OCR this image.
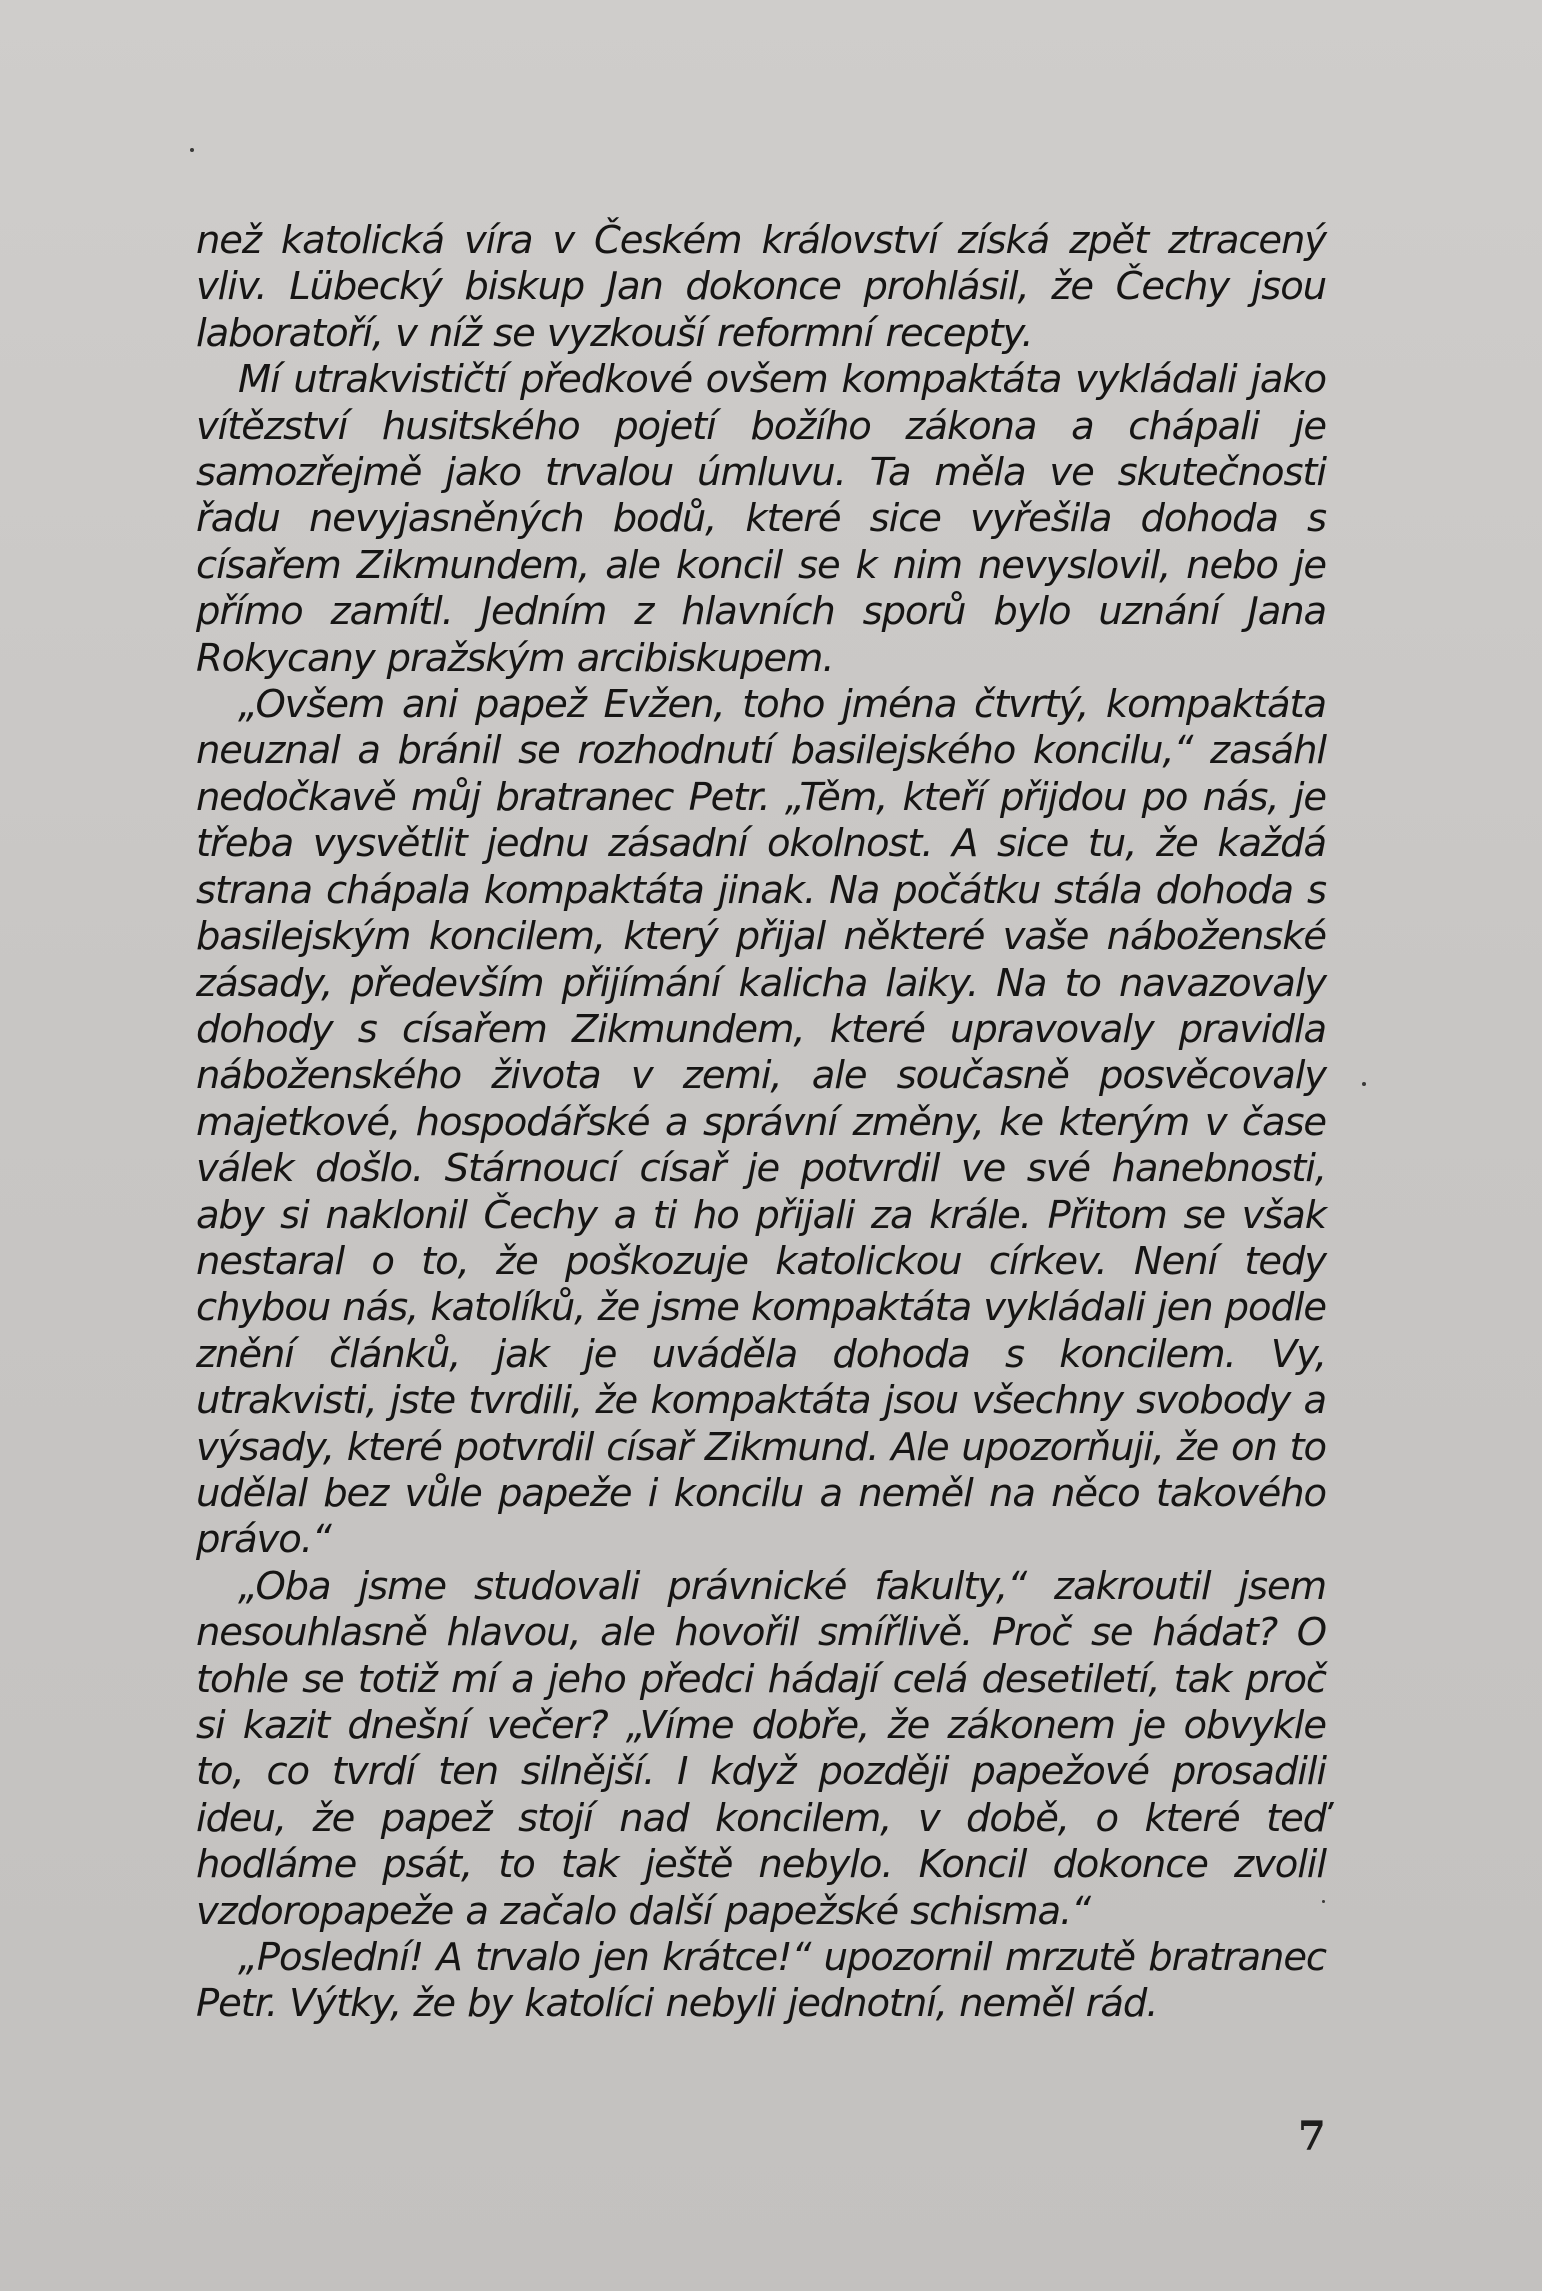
než katolická víra v Českém království získá zpět ztracený vliv. Lübecký biskup Jan dokonce prohlásil, že Čechy jsou laboratoří, v níž se vyzkouší reformní recepty.

Mí utrakvističtí předkové ovšem kompaktáta vykládali jako vítězství husitského pojetí božího zákona a chápali je samozřejmě jako trvalou úmluvu. Ta měla ve skutečnosti řadu nevyjasněných bodů, které sice vyřešila dohoda s císařem Zikmundem, ale koncil se k nim nevyslovil, nebo je přímo zamítl. Jedním z hlavních sporů bylo uznání Jana Rokycany pražským arcibiskupem.

„Ovšem ani papež Evžen, toho jména čtvrtý, kompaktáta neuznal a bránil se rozhodnutí basilejského koncilu,“ zasáhl nedočkavě můj bratranec Petr. „Těm, kteří přijdou po nás, je třeba vysvětlit jednu zásadní okolnost. A sice tu, že každá strana chápala kompaktáta jinak. Na počátku stála dohoda s basilejským koncilem, který přijal některé vaše náboženské zásady, především přijímání kalicha laiky. Na to navazovaly dohody s císařem Zikmundem, které upravovaly pravidla náboženského života v zemi, ale současně posvěcovaly majetkové, hospodářské a správní změny, ke kterým v čase válek došlo. Stárnoucí císař je potvrdil ve své hanebnosti, aby si naklonil Čechy a ti ho přijali za krále. Přitom se však nestaral o to, že poškozuje katolickou církev. Není tedy chybou nás, katolíků, že jsme kompaktáta vykládali jen podle znění článků, jak je uváděla dohoda s koncilem. Vy, utrakvisti, jste tvrdili, že kompaktáta jsou všechny svobody a výsady, které potvrdil císař Zikmund. Ale upozorňuji, že on to udělal bez vůle papeže i koncilu a neměl na něco takového právo.“

„Oba jsme studovali právnické fakulty,“ zakroutil jsem nesouhlasně hlavou, ale hovořil smířlivě. Proč se hádat? O tohle se totiž mí a jeho předci hádají celá desetiletí, tak proč si kazit dnešní večer? „Víme dobře, že zákonem je obvykle to, co tvrdí ten silnější. I když později papežové prosadili ideu, že papež stojí nad koncilem, v době, o které teď hodláme psát, to tak ještě nebylo. Koncil dokonce zvolil vzdoropapeže a začalo další papežské schisma.“

„Poslední! A trvalo jen krátce!“ upozornil mrzutě bratranec Petr. Výtky, že by katolíci nebyli jednotní, neměl rád.

7
